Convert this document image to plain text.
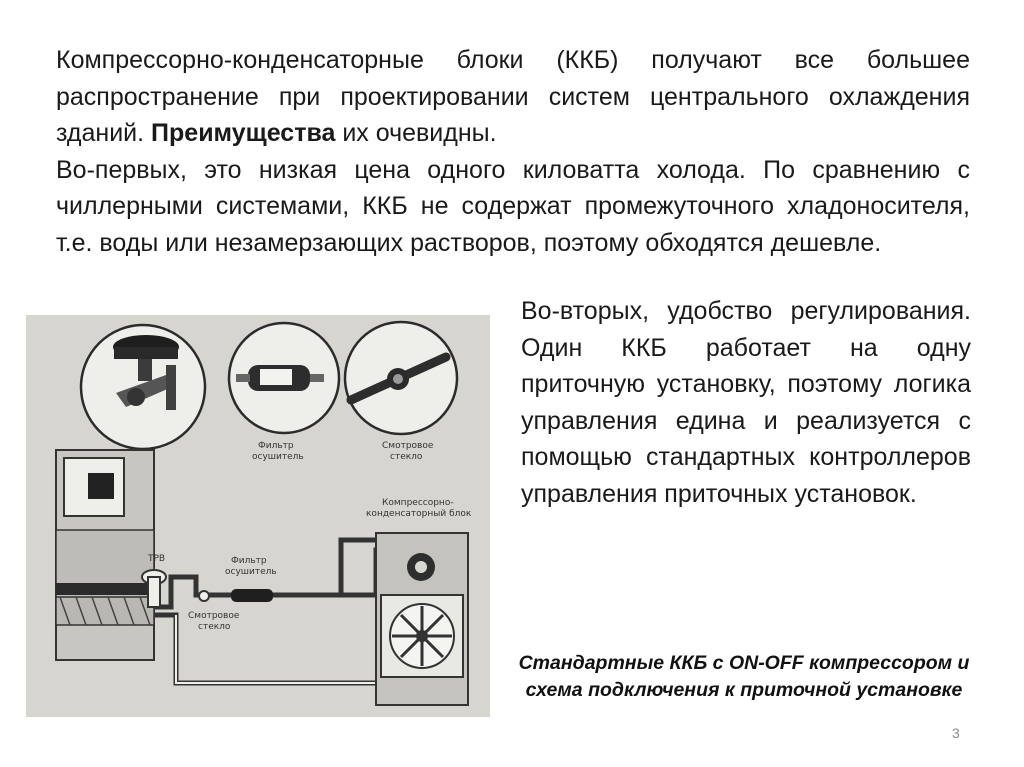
Компрессорно-конденсаторные блоки (ККБ) получают все большее распространение при проектировании систем центрального охлаждения зданий. Преимущества их очевидны.

Во-первых, это низкая цена одного киловатта холода. По сравнению с чиллерными системами, ККБ не содержат промежуточного хладоносителя, т.е. воды или незамерзающих растворов, поэтому обходятся дешевле.

Фильтр
осушитель
Смотровое
стекло
ТРВ	Фильтр
осушитель
Смотровое
стекло
Компрессорно-
конденсаторный блок

Во-вторых, удобство регулирования. Один ККБ работает на одну приточную установку, поэтому логика управления едина и реализуется с помощью стандартных контроллеров управления приточных установок.

Стандартные ККБ с ON-OFF компрессором и схема подключения к приточной установке

3
